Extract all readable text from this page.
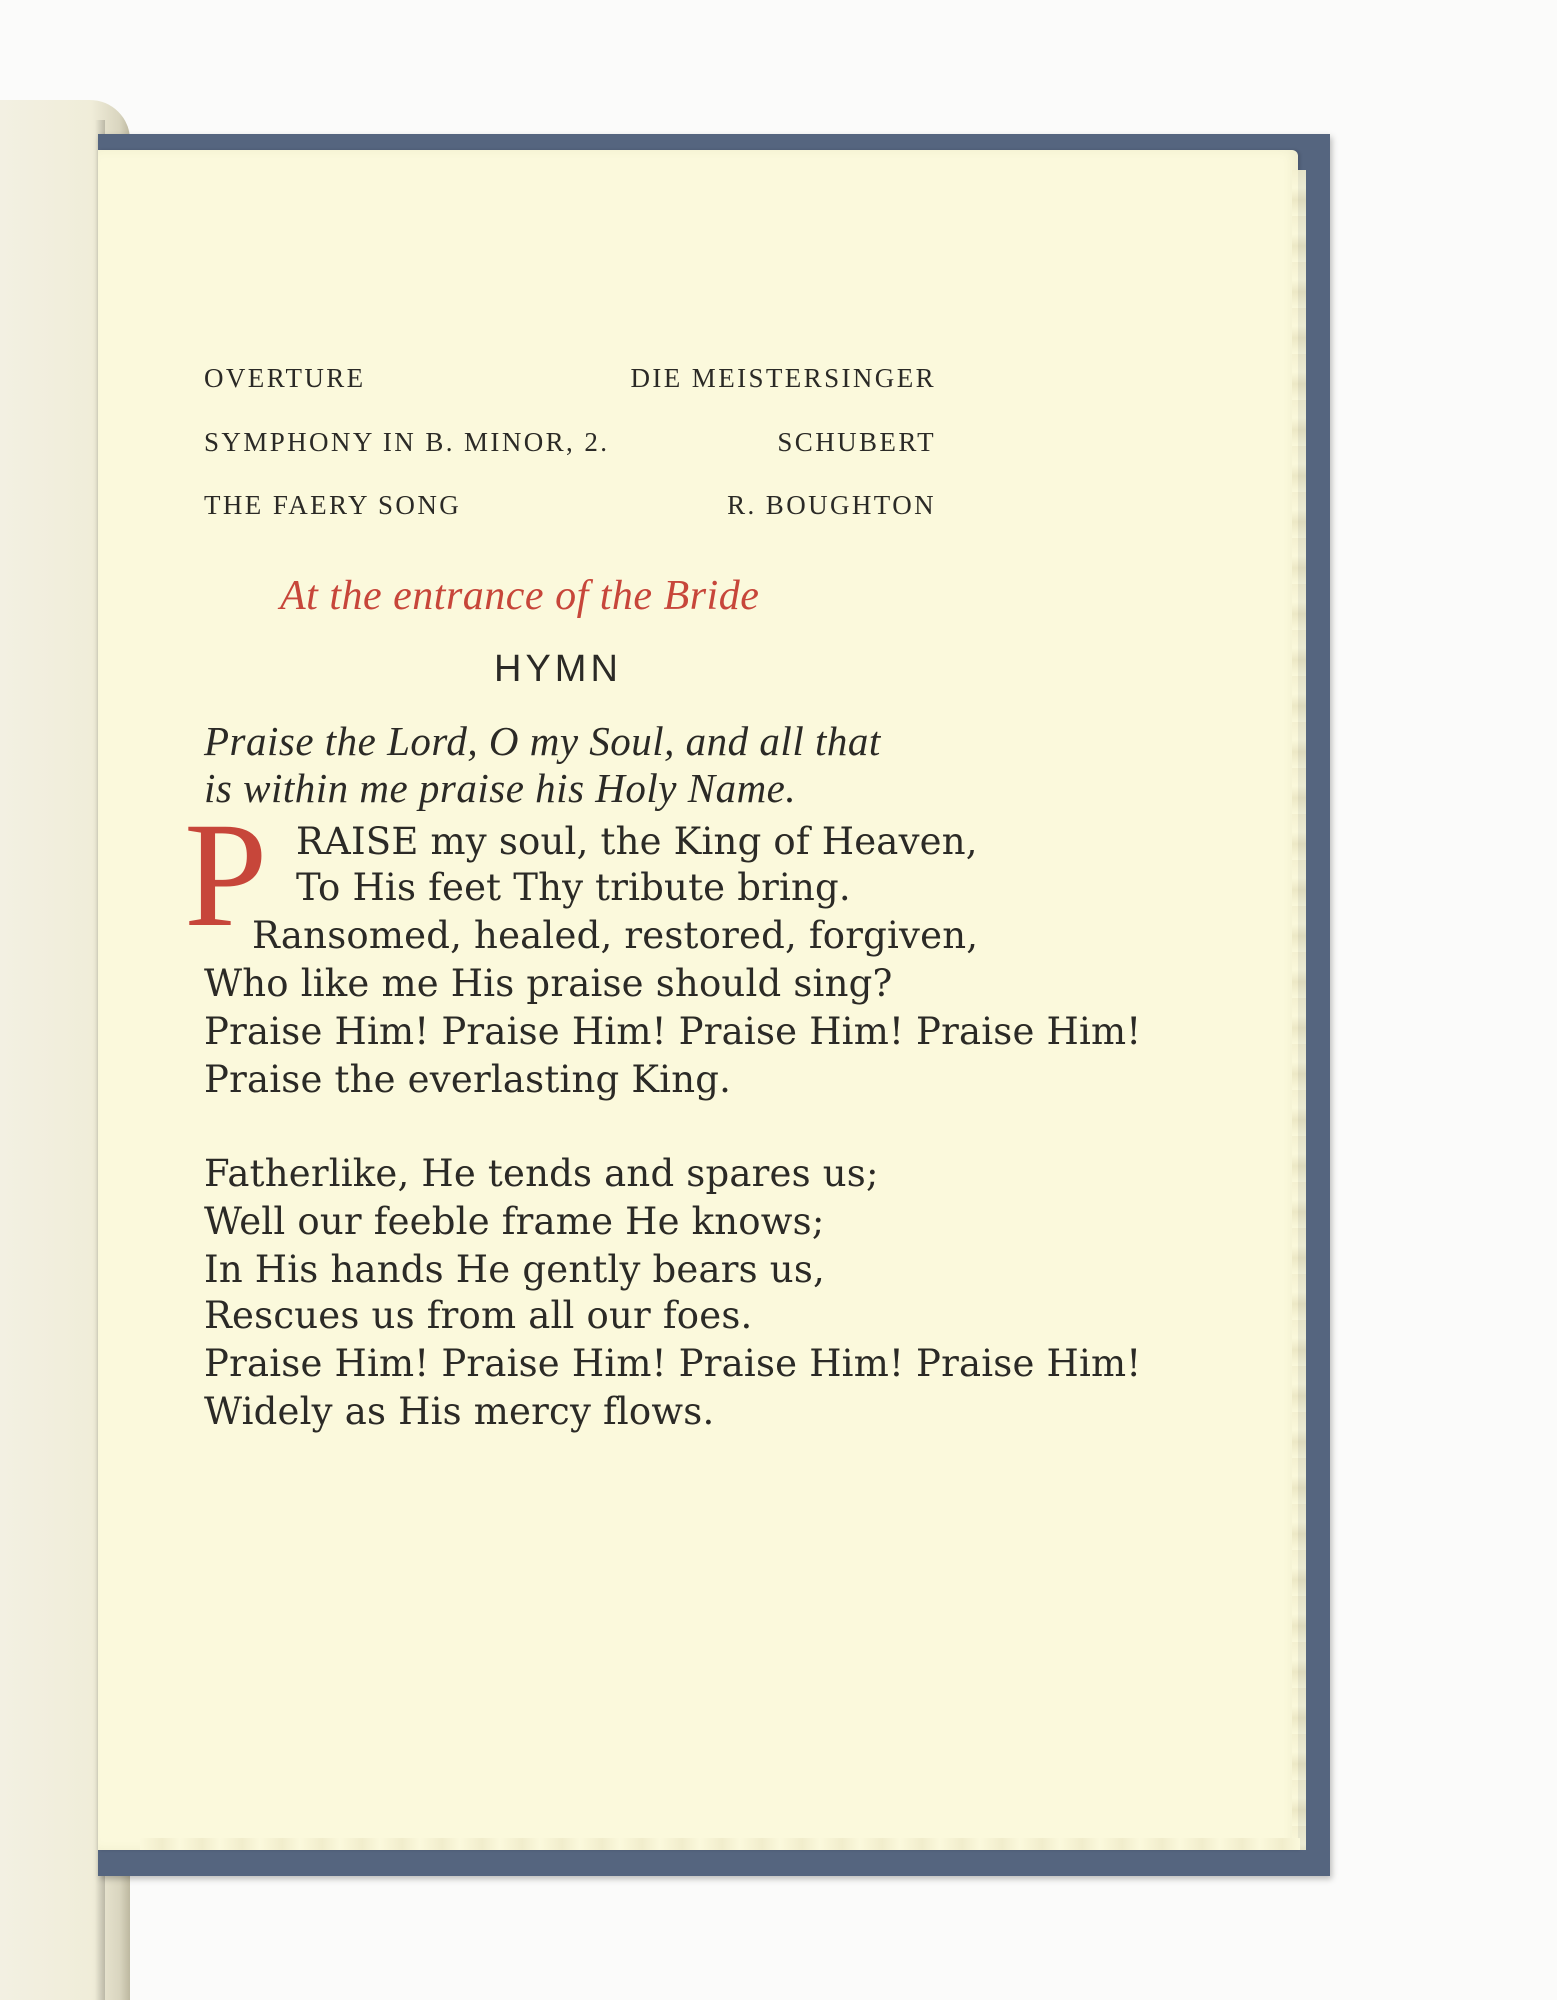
OVERTURE	DIE MEISTERSINGER
SYMPHONY IN B. MINOR, 2.	SCHUBERT
THE FAERY SONG	R. BOUGHTON
At the entrance of the Bride
HYMN
Praise the Lord, O my Soul, and all that
is within me praise his Holy Name.
P RAISE my soul, the King of Heaven,
To His feet Thy tribute bring.
Ransomed, healed, restored, forgiven,
Who like me His praise should sing?
Praise Him! Praise Him! Praise Him! Praise Him!
Praise the everlasting King.
Fatherlike, He tends and spares us;
Well our feeble frame He knows;
In His hands He gently bears us,
Rescues us from all our foes.
Praise Him! Praise Him! Praise Him! Praise Him!
Widely as His mercy flows.
